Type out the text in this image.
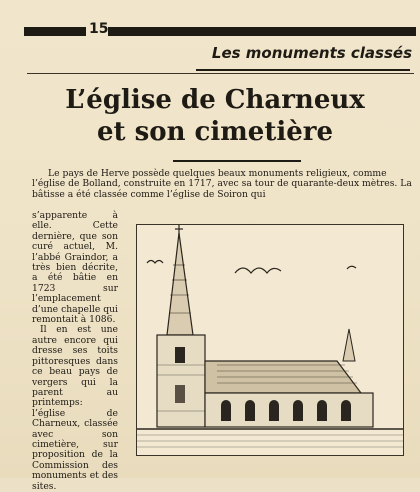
15
Les monuments classés
L’église de Charneux
et son cimetière

Le pays de Herve possède quelques beaux monuments religieux, comme l’église de Bolland, construite en 1717, avec sa tour de quarante-deux mètres. La bâtisse a été classée comme l’église de Soiron qui

s’apparente à elle. Cette dernière, que son curé actuel, M. l’abbé Graindor, a très bien décrite, a été bâtie en 1723 sur l’emplacement d’une chapelle qui remontait à 1086.

Il en est une autre encore qui dresse ses toits pittoresques dans ce beau pays de vergers qui la parent au printemps: l’église de Charneux, classée avec son cimetière, sur proposition de la Commission des monuments et des sites.
